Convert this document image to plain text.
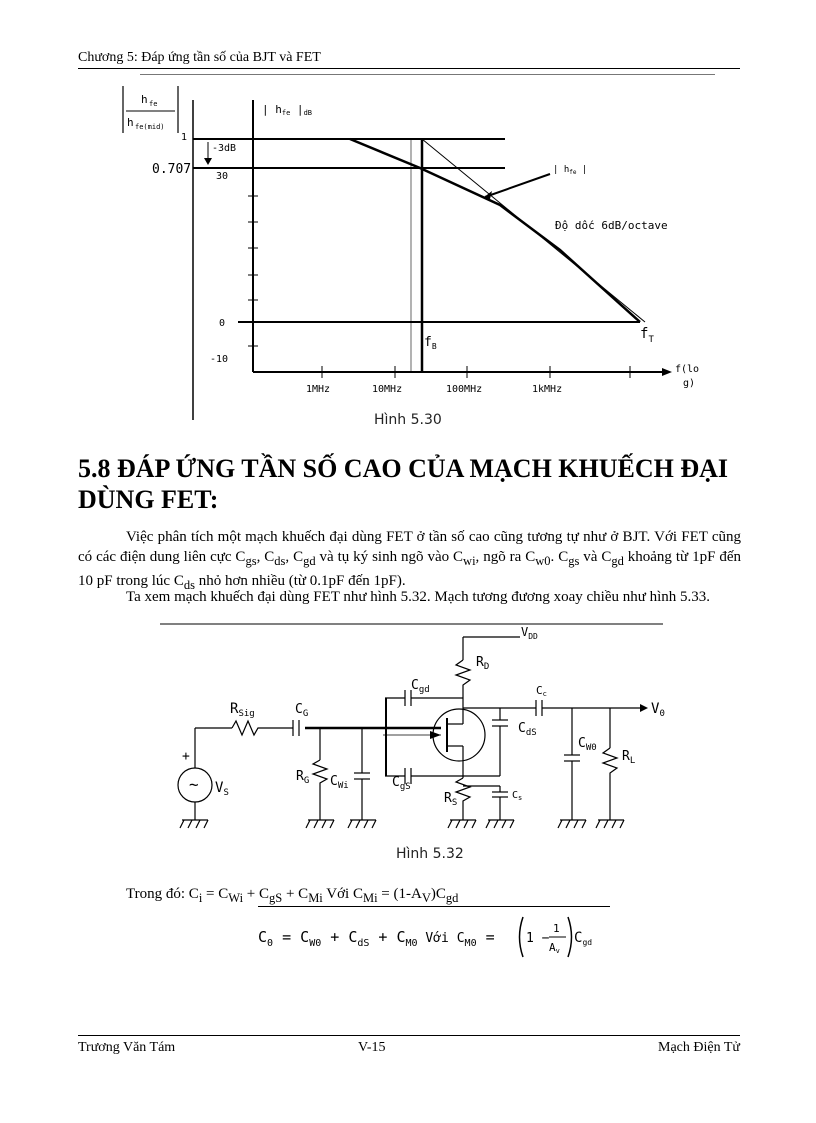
Chương 5: Đáp ứng tần số của BJT và FET
h fe
h fe(mid)
1
0.707
| hfe |dB
-3dB
30
0
-10
1MHz	10MHz	100MHz	1kMHz
f(lo
g)
| $h_{fe}$ |
Độ dốc 6dB/octave
$f_B$
$f_T$
Hình 5.30
5.8 ĐÁP ỨNG TẦN SỐ CAO CỦA MẠCH KHUẾCH ĐẠI DÙNG FET:
Việc phân tích một mạch khuếch đại dùng FET ở tần số cao cũng tương tự như ở BJT. Với FET cũng có các điện dung liên cực $C_{gs}$, $C_{ds}$, $C_{gd}$ và tụ ký sinh ngõ vào $C_{wi}$, ngõ ra $C_{w0}$. $C_{gs}$ và $C_{gd}$ khoảng từ 1pF đến 10 pF trong lúc $C_{ds}$ nhỏ hơn nhiều (từ 0.1pF đến 1pF).
Ta xem mạch khuếch đại dùng FET như hình 5.32. Mạch tương đương xoay chiều như hình 5.33.
$V_{DD}$
$R_D$
$C_{gd}$	Cc
$V_0$
$R_{Sig}$	$C_G$
$C_{dS}$
$C_{W0}$
$R_L$
$R_G$ $C_{Wi}$	$C_{gS}$
$R_S$
$C_s$
$V_S$
+
~
Hình 5.32
Trong đó: $C_i = C_{Wi} + C_{gS} + C_{Mi}$ Với $C_{Mi} = (1-A_V)C_{gd}$
$C_0 = C_{W0} + C_{dS} + C_{M0}$ Với $C_{M0} = 1$ −
1
Av
$C_{gd}$
Trương Văn Tám	V-15	Mạch Điện Tử
